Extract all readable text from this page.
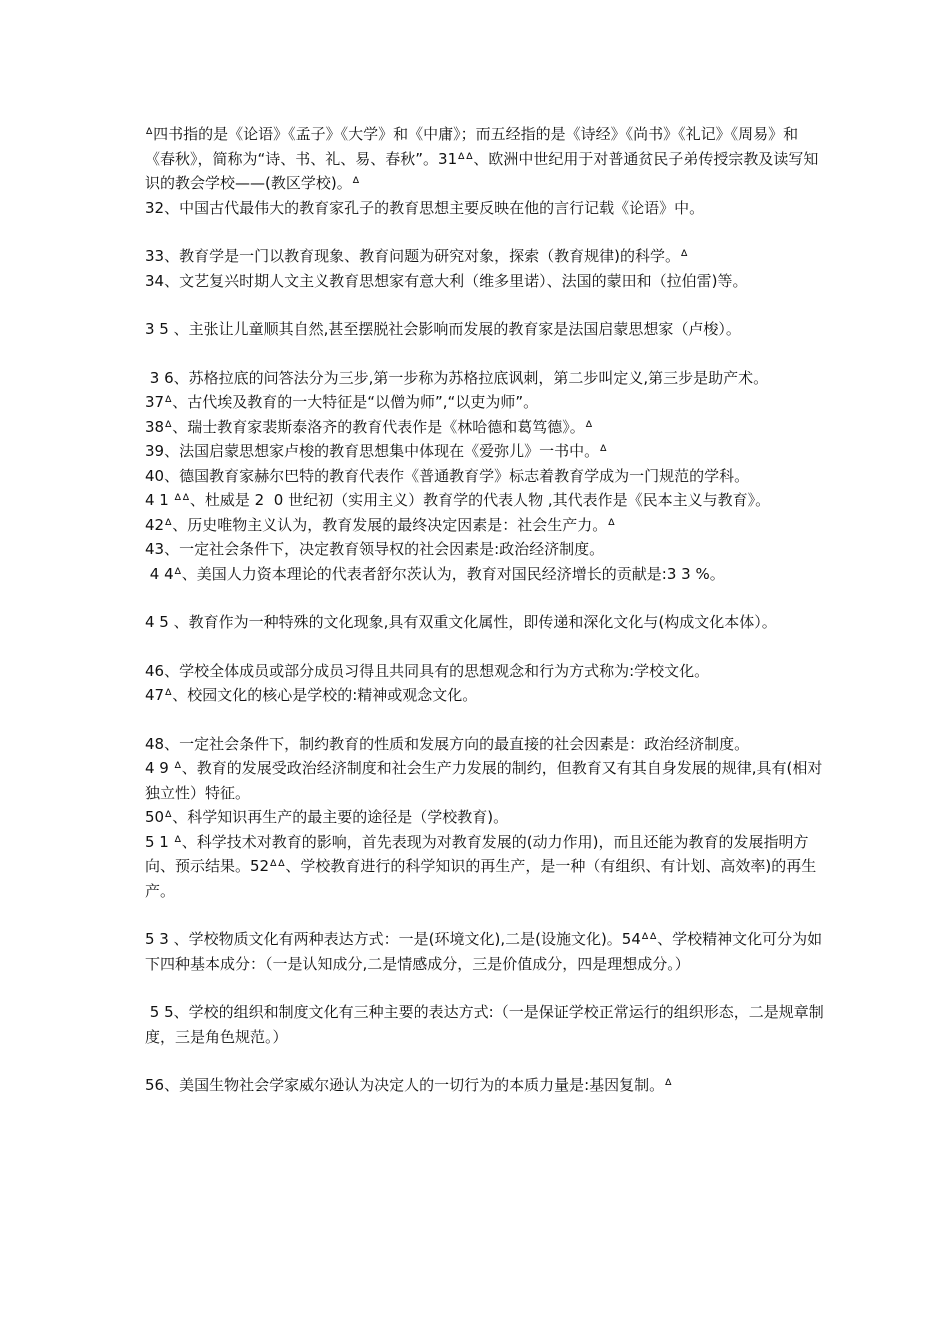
ᐞ四书指的是《论语》《孟子》《大学》和《中庸》；而五经指的是《诗经》《尚书》《礼记》《周易》和《春秋》，简称为“诗、书、礼、易、春秋”。31ᐞᐞ、欧洲中世纪用于对普通贫民子弟传授宗教及读写知识的教会学校——(教区学校)。ᐞ

32、中国古代最伟大的教育家孔子的教育思想主要反映在他的言行记载《论语》中。

33、教育学是一门以教育现象、教育问题为研究对象，探索（教育规律)的科学。ᐞ

34、文艺复兴时期人文主义教育思想家有意大利（维多里诺）、法国的蒙田和（拉伯雷)等。

3 5 、主张让儿童顺其自然,甚至摆脱社会影响而发展的教育家是法国启蒙思想家（卢梭）。

3 6、苏格拉底的问答法分为三步,第一步称为苏格拉底讽刺，第二步叫定义,第三步是助产术。

37ᐞ、古代埃及教育的一大特征是“以僧为师”,“以吏为师”。

38ᐞ、瑞士教育家裴斯泰洛齐的教育代表作是《林哈德和葛笃德》。ᐞ

39、法国启蒙思想家卢梭的教育思想集中体现在《爱弥儿》一书中。ᐞ

40、德国教育家赫尔巴特的教育代表作《普通教育学》标志着教育学成为一门规范的学科。

4 1 ᐞᐞ、杜威是 2  0 世纪初（实用主义）教育学的代表人物 ,其代表作是《民本主义与教育》。

42ᐞ、历史唯物主义认为，教育发展的最终决定因素是：社会生产力。ᐞ

43、一定社会条件下，决定教育领导权的社会因素是:政治经济制度。

4 4ᐞ、美国人力资本理论的代表者舒尔茨认为，教育对国民经济增长的贡献是:3 3 %。

4 5 、教育作为一种特殊的文化现象,具有双重文化属性，即传递和深化文化与(构成文化本体）。

46、学校全体成员或部分成员习得且共同具有的思想观念和行为方式称为:学校文化。

47ᐞ、校园文化的核心是学校的:精神或观念文化。

48、一定社会条件下，制约教育的性质和发展方向的最直接的社会因素是：政治经济制度。

4 9 ᐞ、教育的发展受政治经济制度和社会生产力发展的制约，但教育又有其自身发展的规律,具有(相对独立性）特征。

50ᐞ、科学知识再生产的最主要的途径是（学校教育)。

5 1 ᐞ、科学技术对教育的影响，首先表现为对教育发展的(动力作用)，而且还能为教育的发展指明方向、预示结果。52ᐞᐞ、学校教育进行的科学知识的再生产，是一种（有组织、有计划、高效率)的再生产。

5 3 、学校物质文化有两种表达方式：一是(环境文化),二是(设施文化)。54ᐞᐞ、学校精神文化可分为如下四种基本成分：（一是认知成分,二是情感成分，三是价值成分，四是理想成分。）

5 5、学校的组织和制度文化有三种主要的表达方式:（一是保证学校正常运行的组织形态，二是规章制度，三是角色规范。）

56、美国生物社会学家威尔逊认为决定人的一切行为的本质力量是:基因复制。ᐞ
